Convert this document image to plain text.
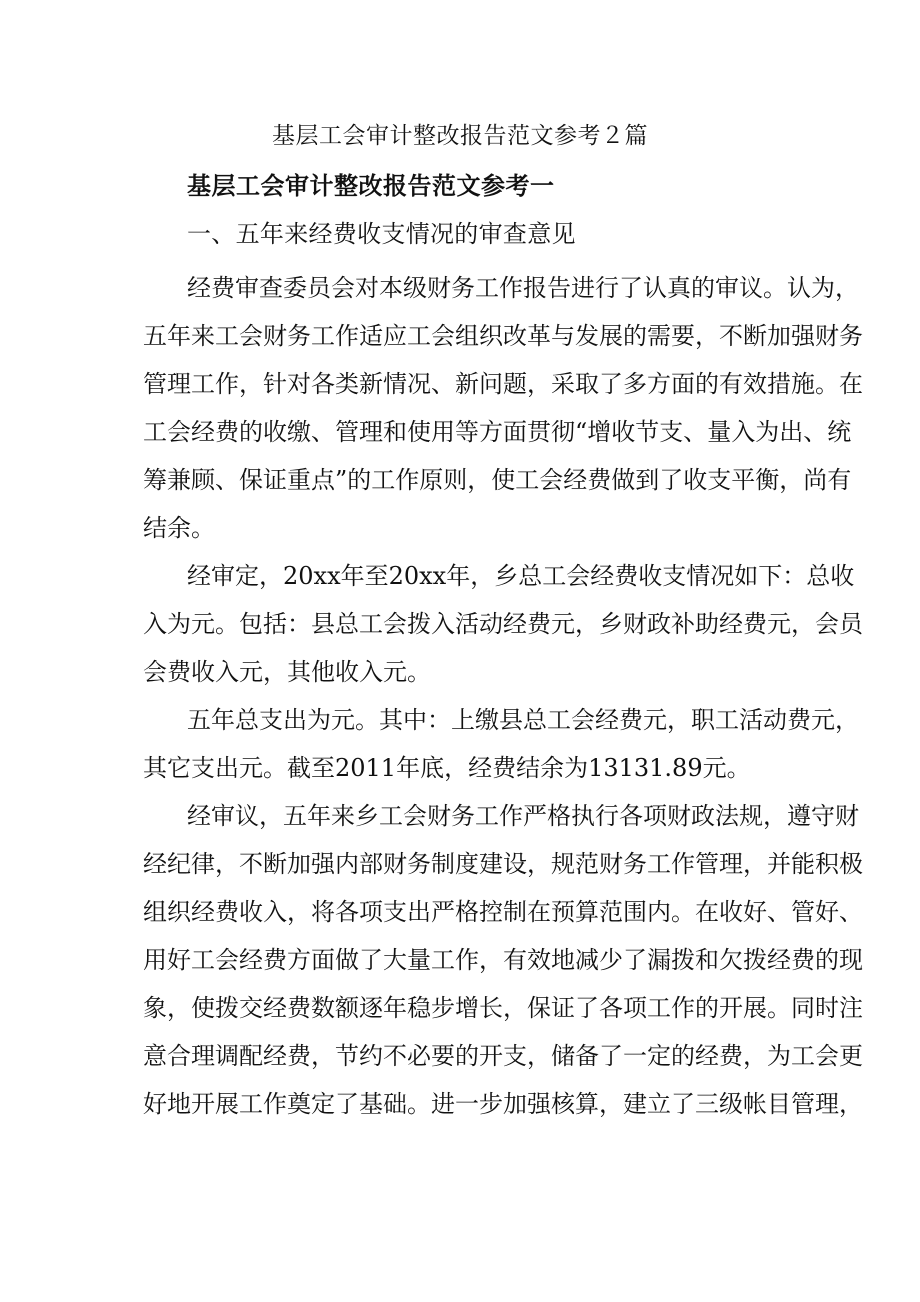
基层工会审计整改报告范文参考２篇
基层工会审计整改报告范文参考一
一、五年来经费收支情况的审查意见
经费审查委员会对本级财务工作报告进行了认真的审议。认为，
五年来工会财务工作适应工会组织改革与发展的需要，不断加强财务
管理工作，针对各类新情况、新问题，采取了多方面的有效措施。在
工会经费的收缴、管理和使用等方面贯彻“增收节支、量入为出、统
筹兼顾、保证重点”的工作原则，使工会经费做到了收支平衡，尚有
结余。
经审定，20xx年至20xx年，乡总工会经费收支情况如下：总收
入为元。包括：县总工会拨入活动经费元，乡财政补助经费元，会员
会费收入元，其他收入元。
五年总支出为元。其中：上缴县总工会经费元，职工活动费元，
其它支出元。截至2011年底，经费结余为13131.89元。
经审议，五年来乡工会财务工作严格执行各项财政法规，遵守财
经纪律，不断加强内部财务制度建设，规范财务工作管理，并能积极
组织经费收入，将各项支出严格控制在预算范围内。在收好、管好、
用好工会经费方面做了大量工作，有效地减少了漏拨和欠拨经费的现
象，使拨交经费数额逐年稳步增长，保证了各项工作的开展。同时注
意合理调配经费，节约不必要的开支，储备了一定的经费，为工会更
好地开展工作奠定了基础。进一步加强核算，建立了三级帐目管理，
